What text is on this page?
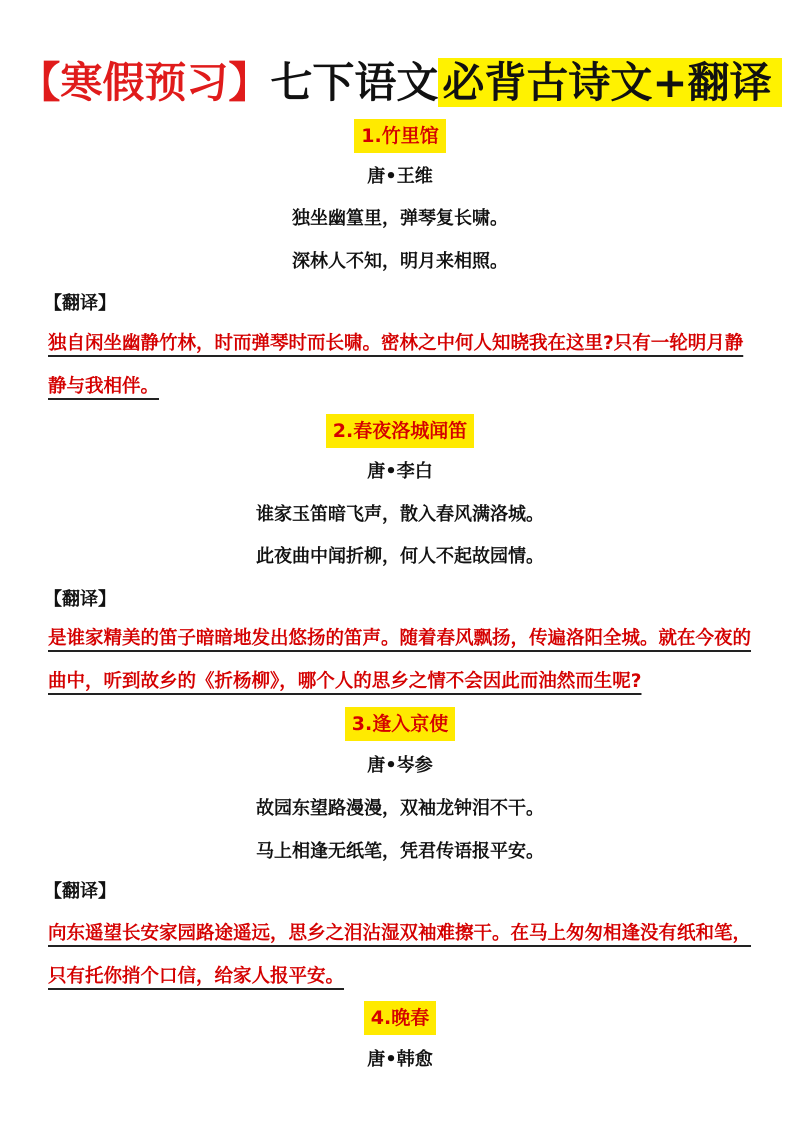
【寒假预习】七下语文必背古诗文+翻译
1.竹里馆
唐•王维
独坐幽篁里，弹琴复长啸。
深林人不知，明月来相照。
【翻译】
独自闲坐幽静竹林，时而弹琴时而长啸。密林之中何人知晓我在这里?只有一轮明月静静与我相伴。
2.春夜洛城闻笛
唐•李白
谁家玉笛暗飞声，散入春风满洛城。
此夜曲中闻折柳，何人不起故园情。
【翻译】
是谁家精美的笛子暗暗地发出悠扬的笛声。随着春风飘扬，传遍洛阳全城。就在今夜的曲中，听到故乡的《折杨柳》，哪个人的思乡之情不会因此而油然而生呢?
3.逢入京使
唐•岑参
故园东望路漫漫，双袖龙钟泪不干。
马上相逢无纸笔，凭君传语报平安。
【翻译】
向东遥望长安家园路途遥远，思乡之泪沾湿双袖难擦干。在马上匆匆相逢没有纸和笔，只有托你捎个口信，给家人报平安。
4.晚春
唐•韩愈
